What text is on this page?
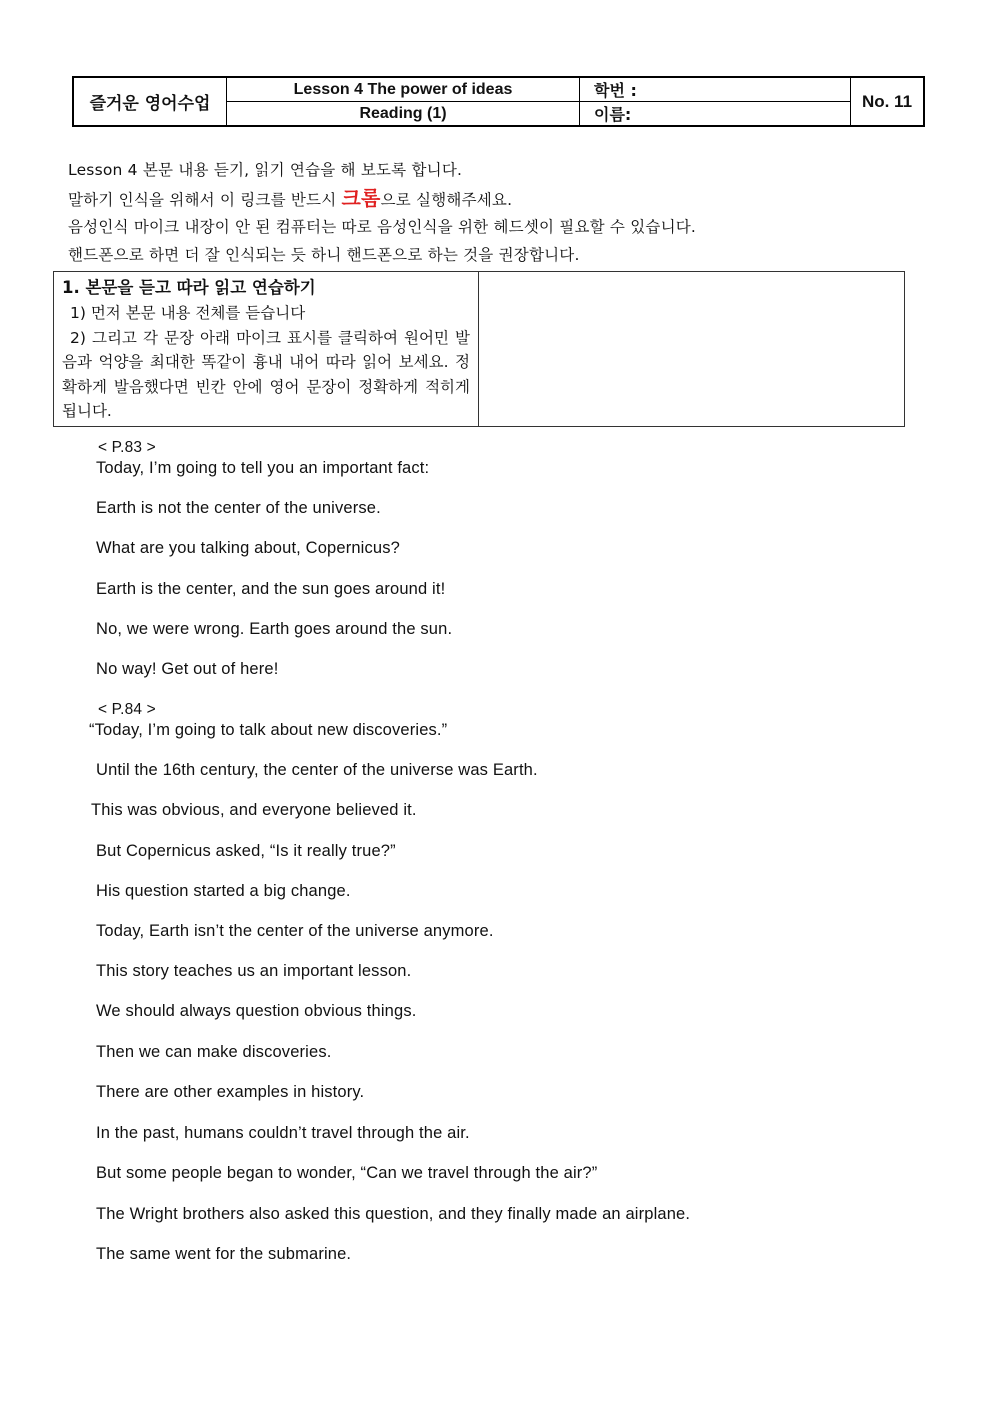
즐거운 영어수업	Lesson 4 The power of ideas	학번 :	No. 11
	Reading (1)	이름:	
Lesson 4 본문 내용 듣기, 읽기 연습을 해 보도록 합니다.
말하기 인식을 위해서 이 링크를 반드시 크롬으로 실행해주세요.
음성인식 마이크 내장이 안 된 컴퓨터는 따로 음성인식을 위한 헤드셋이 필요할 수 있습니다.
핸드폰으로 하면 더 잘 인식되는 듯 하니 핸드폰으로 하는 것을 권장합니다.
1. 본문을 듣고 따라 읽고 연습하기
1) 먼저 본문 내용 전체를 듣습니다
2) 그리고 각 문장 아래 마이크 표시를 클릭하여 원어민 발음과 억양을 최대한 똑같이 흉내 내어 따라 읽어 보세요. 정확하게 발음했다면 빈칸 안에 영어 문장이 정확하게 적히게 됩니다.
< P.83 >
Today, I’m going to tell you an important fact:
Earth is not the center of the universe.
What are you talking about, Copernicus?
Earth is the center, and the sun goes around it!
No, we were wrong. Earth goes around the sun.
No way! Get out of here!
< P.84 >
“Today, I’m going to talk about new discoveries.”
Until the 16th century, the center of the universe was Earth.
This was obvious, and everyone believed it.
But Copernicus asked, “Is it really true?”
His question started a big change.
Today, Earth isn’t the center of the universe anymore.
This story teaches us an important lesson.
We should always question obvious things.
Then we can make discoveries.
There are other examples in history.
In the past, humans couldn’t travel through the air.
But some people began to wonder, “Can we travel through the air?”
The Wright brothers also asked this question, and they finally made an airplane.
The same went for the submarine.
